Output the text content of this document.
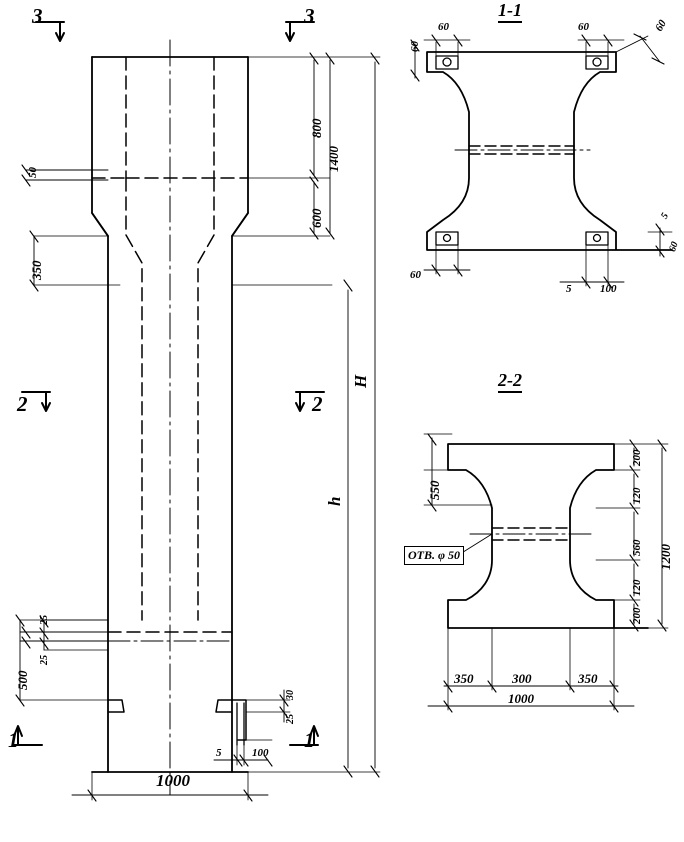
1-1
2-2
3	3
2	2
1	1
1000
800
1400
600
350
50
500
25
25
H
h
5	100
30
25
60
60
60	60
60
5	100
5
60
550
200
120
560
120
200
1200
350	300	350
1000
OTB. φ 50
